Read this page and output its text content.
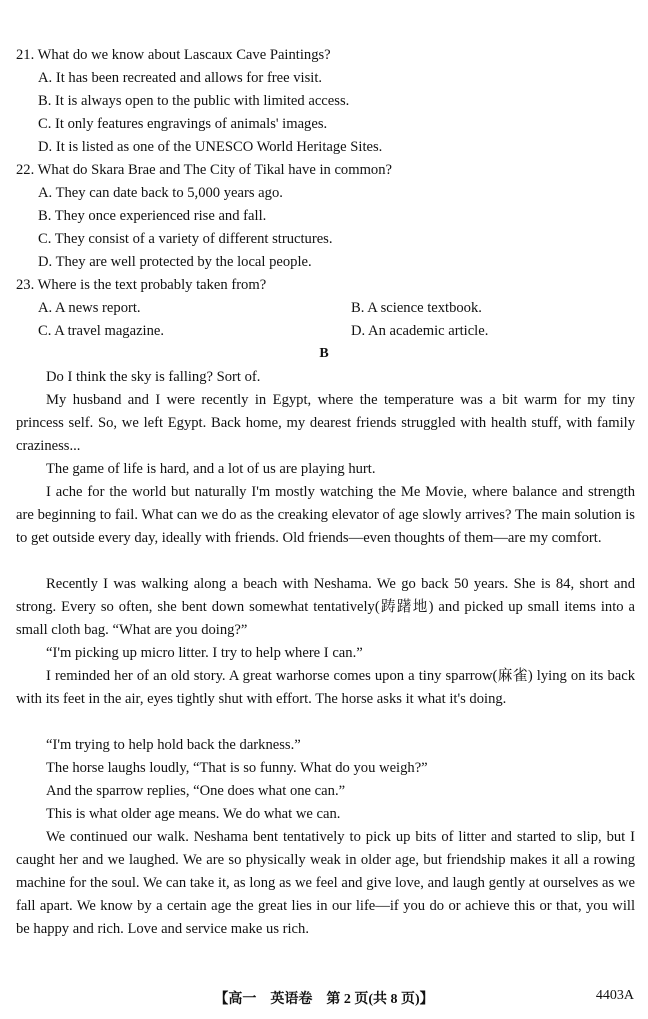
21. What do we know about Lascaux Cave Paintings?
A. It has been recreated and allows for free visit.
B. It is always open to the public with limited access.
C. It only features engravings of animals' images.
D. It is listed as one of the UNESCO World Heritage Sites.
22. What do Skara Brae and The City of Tikal have in common?
A. They can date back to 5,000 years ago.
B. They once experienced rise and fall.
C. They consist of a variety of different structures.
D. They are well protected by the local people.
23. Where is the text probably taken from?
A. A news report.	B. A science textbook.
C. A travel magazine.	D. An academic article.
B
Do I think the sky is falling? Sort of.
My husband and I were recently in Egypt, where the temperature was a bit warm for my tiny princess self. So, we left Egypt. Back home, my dearest friends struggled with health stuff, with family craziness...
The game of life is hard, and a lot of us are playing hurt.
I ache for the world but naturally I'm mostly watching the Me Movie, where balance and strength are beginning to fail. What can we do as the creaking elevator of age slowly arrives? The main solution is to get outside every day, ideally with friends. Old friends—even thoughts of them—are my comfort.
Recently I was walking along a beach with Neshama. We go back 50 years. She is 84, short and strong. Every so often, she bent down somewhat tentatively(踌躇地) and picked up small items into a small cloth bag. “What are you doing?”
“I'm picking up micro litter. I try to help where I can.”
I reminded her of an old story. A great warhorse comes upon a tiny sparrow(麻雀) lying on its back with its feet in the air, eyes tightly shut with effort. The horse asks it what it's doing.
“I'm trying to help hold back the darkness.”
The horse laughs loudly, “That is so funny. What do you weigh?”
And the sparrow replies, “One does what one can.”
This is what older age means. We do what we can.
We continued our walk. Neshama bent tentatively to pick up bits of litter and started to slip, but I caught her and we laughed. We are so physically weak in older age, but friendship makes it all a rowing machine for the soul. We can take it, as long as we feel and give love, and laugh gently at ourselves as we fall apart. We know by a certain age the great lies in our life—if you do or achieve this or that, you will be happy and rich. Love and service make us rich.
【高一　英语卷　第 2 页(共 8 页)】	4403A
